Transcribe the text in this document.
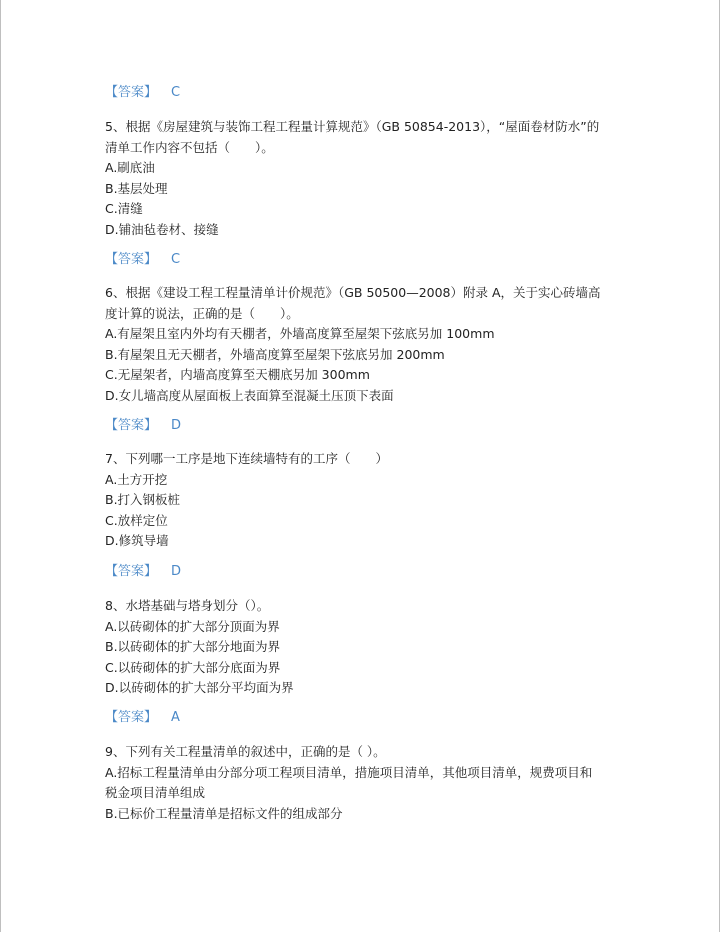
【答案】 C
5、根据《房屋建筑与装饰工程工程量计算规范》（GB 50854-2013），“屋面卷材防水”的
清单工作内容不包括（　　）。
A.刷底油
B.基层处理
C.清缝
D.铺油毡卷材、接缝
【答案】 C
6、根据《建设工程工程量清单计价规范》（GB 50500—2008）附录 A，关于实心砖墙高
度计算的说法，正确的是（　　）。
A.有屋架且室内外均有天棚者，外墙高度算至屋架下弦底另加 100mm
B.有屋架且无天棚者，外墙高度算至屋架下弦底另加 200mm
C.无屋架者，内墙高度算至天棚底另加 300mm
D.女儿墙高度从屋面板上表面算至混凝土压顶下表面
【答案】 D
7、下列哪一工序是地下连续墙特有的工序（　　）
A.土方开挖
B.打入钢板桩
C.放样定位
D.修筑导墙
【答案】 D
8、水塔基础与塔身划分（）。
A.以砖砌体的扩大部分顶面为界
B.以砖砌体的扩大部分地面为界
C.以砖砌体的扩大部分底面为界
D.以砖砌体的扩大部分平均面为界
【答案】 A
9、下列有关工程量清单的叙述中，正确的是（ ）。
A.招标工程量清单由分部分项工程项目清单，措施项目清单，其他项目清单，规费项目和
税金项目清单组成
B.已标价工程量清单是招标文件的组成部分
